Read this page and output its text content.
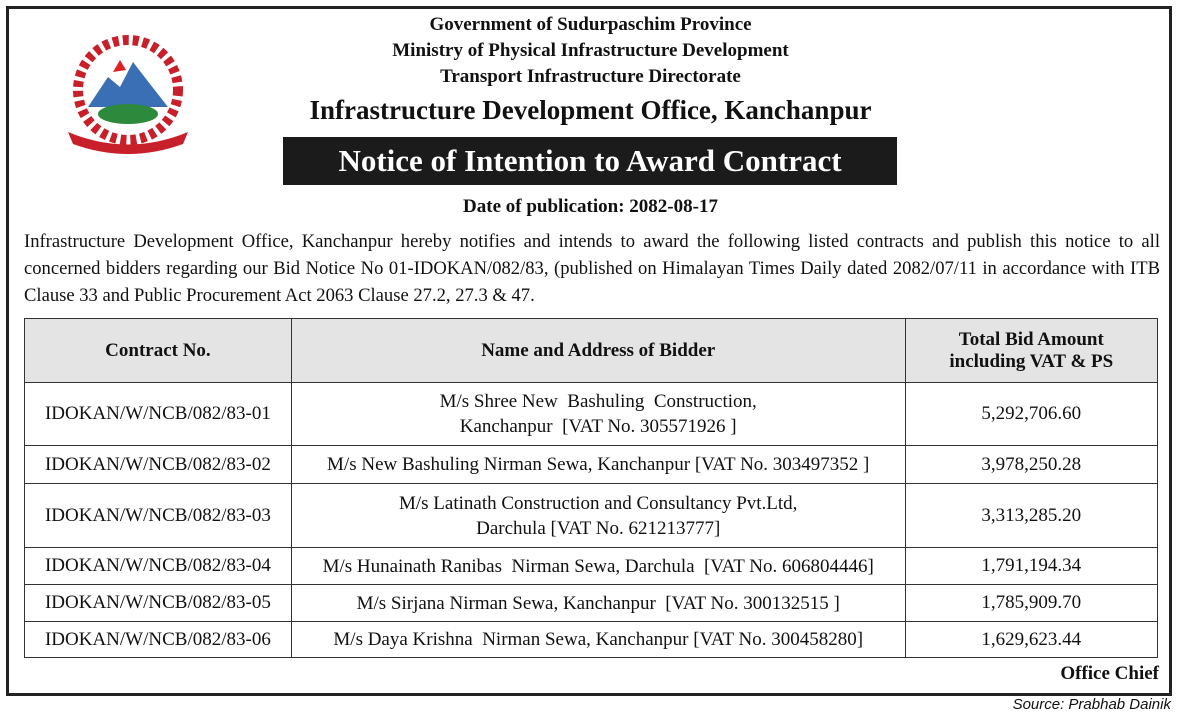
Government of Sudurpaschim Province
Ministry of Physical Infrastructure Development
Transport Infrastructure Directorate
Infrastructure Development Office, Kanchanpur
Notice of Intention to Award Contract
Date of publication: 2082-08-17
Infrastructure Development Office, Kanchanpur hereby notifies and intends to award the following listed contracts and publish this notice to all concerned bidders regarding our Bid Notice No 01-IDOKAN/082/83, (published on Himalayan Times Daily dated 2082/07/11 in accordance with ITB Clause 33 and Public Procurement Act 2063 Clause 27.2, 27.3 & 47.
Contract No.	Name and Address of Bidder	Total Bid Amount including VAT & PS
IDOKAN/W/NCB/082/83-01	M/s Shree New  Bashuling  Construction,
Kanchanpur  [VAT No. 305571926 ]	5,292,706.60
IDOKAN/W/NCB/082/83-02	M/s New Bashuling Nirman Sewa, Kanchanpur [VAT No. 303497352 ]	3,978,250.28
IDOKAN/W/NCB/082/83-03	M/s Latinath Construction and Consultancy Pvt.Ltd,
Darchula [VAT No. 621213777]	3,313,285.20
IDOKAN/W/NCB/082/83-04	M/s Hunainath Ranibas  Nirman Sewa, Darchula  [VAT No. 606804446]	1,791,194.34
IDOKAN/W/NCB/082/83-05	M/s Sirjana Nirman Sewa, Kanchanpur  [VAT No. 300132515 ]	1,785,909.70
IDOKAN/W/NCB/082/83-06	M/s Daya Krishna  Nirman Sewa, Kanchanpur [VAT No. 300458280]	1,629,623.44
Office Chief
Source: Prabhab Dainik
